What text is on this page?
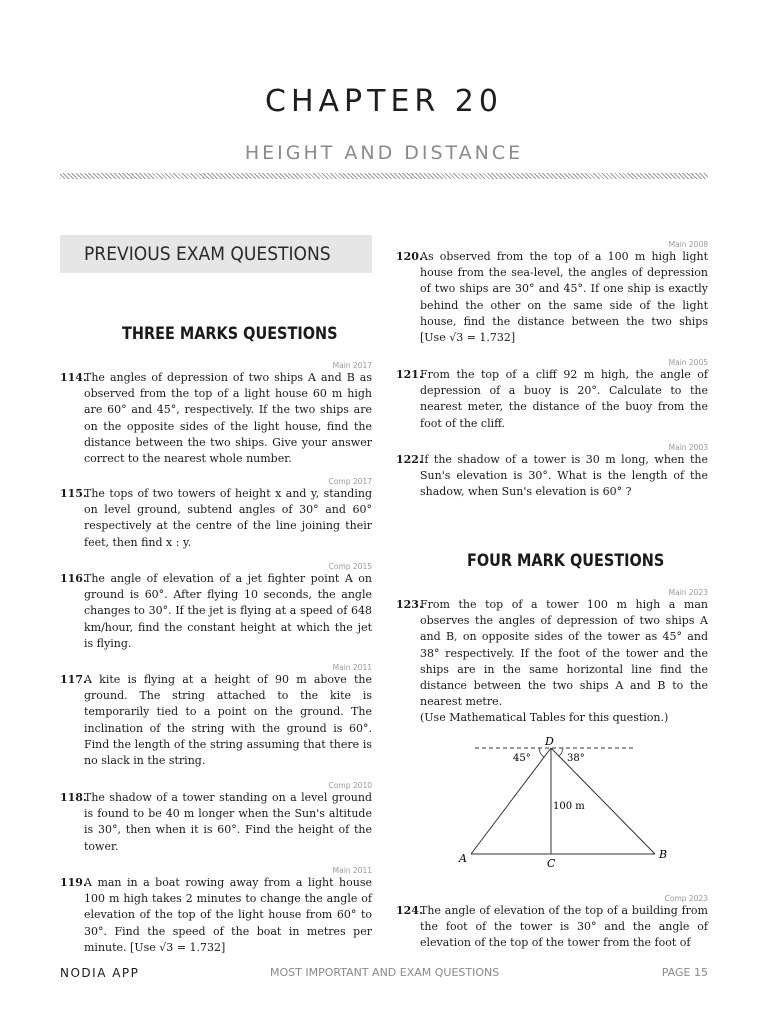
CHAPTER 20
HEIGHT AND DISTANCE
PREVIOUS EXAM QUESTIONS
THREE MARKS QUESTIONS
Main 2017
114.
The angles of depression of two ships A and B as observed from the top of a light house 60 m high are 60° and 45°, respectively. If the two ships are on the opposite sides of the light house, find the distance between the two ships. Give your answer correct to the nearest whole number.
Comp 2017
115.
The tops of two towers of height x and y, standing on level ground, subtend angles of 30° and 60° respectively at the centre of the line joining their feet, then find x : y.
Comp 2015
116.
The angle of elevation of a jet fighter point A on ground is 60°. After flying 10 seconds, the angle changes to 30°. If the jet is flying at a speed of 648 km/hour, find the constant height at which the jet is flying.
Main 2011
117.
A kite is flying at a height of 90 m above the ground. The string attached to the kite is temporarily tied to a point on the ground. The inclination of the string with the ground is 60°. Find the length of the string assuming that there is no slack in the string.
Comp 2010
118.
The shadow of a tower standing on a level ground is found to be 40 m longer when the Sun's altitude is 30°, then when it is 60°. Find the height of the tower.
Main 2011
119.
A man in a boat rowing away from a light house 100 m high takes 2 minutes to change the angle of elevation of the top of the light house from 60° to 30°. Find the speed of the boat in metres per minute. [Use √3 = 1.732]
Main 2008
120.
As observed from the top of a 100 m high light house from the sea-level, the angles of depression of two ships are 30° and 45°. If one ship is exactly behind the other on the same side of the light house, find the distance between the two ships [Use √3 = 1.732]
Main 2005
121.
From the top of a cliff 92 m high, the angle of depression of a buoy is 20°. Calculate to the nearest meter, the distance of the buoy from the foot of the cliff.
Main 2003
122.
If the shadow of a tower is 30 m long, when the Sun's elevation is 30°. What is the length of the shadow, when Sun's elevation is 60° ?
FOUR MARK QUESTIONS
Main 2023
123.
From the top of a tower 100 m high a man observes the angles of depression of two ships A and B, on opposite sides of the tower as 45° and 38° respectively. If the foot of the tower and the ships are in the same horizontal line find the distance between the two ships A and B to the nearest metre.
(Use Mathematical Tables for this question.)
D
45°	38°
100 m
A	C
B
Comp 2023
124.
The angle of elevation of the top of a building from the foot of the tower is 30° and the angle of elevation of the top of the tower from the foot of
NODIA APP	MOST IMPORTANT AND EXAM QUESTIONS	PAGE 15
